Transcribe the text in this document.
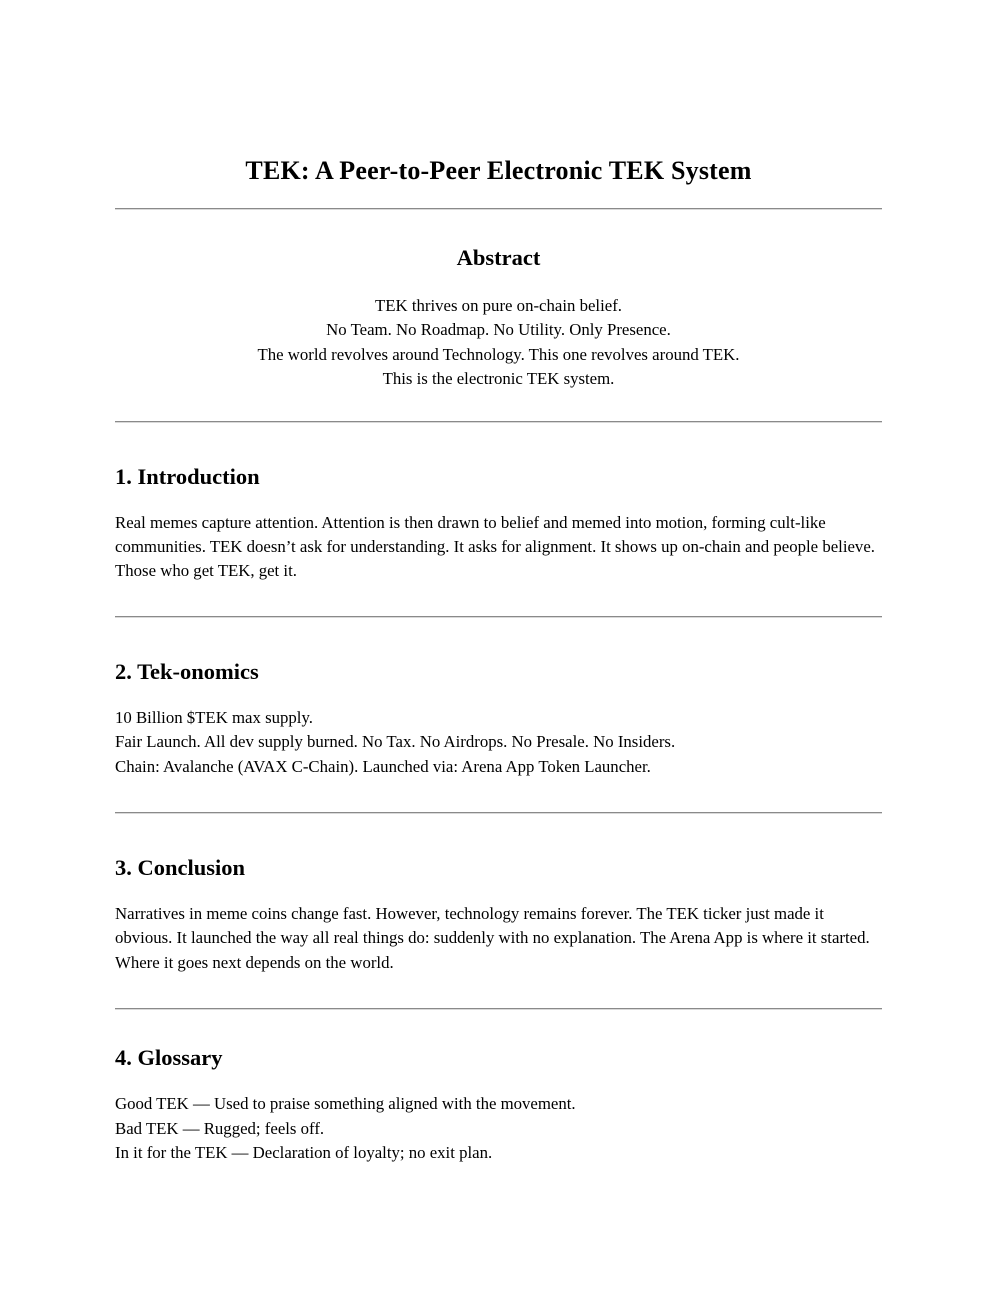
TEK: A Peer-to-Peer Electronic TEK System
Abstract
TEK thrives on pure on-chain belief.
No Team. No Roadmap. No Utility. Only Presence.
The world revolves around Technology. This one revolves around TEK.
This is the electronic TEK system.
1. Introduction

Real memes capture attention. Attention is then drawn to belief and memed into motion, forming cult-like communities. TEK doesn’t ask for understanding. It asks for alignment. It shows up on-chain and people believe. Those who get TEK, get it.

2. Tek-onomics
10 Billion $TEK max supply.
Fair Launch. All dev supply burned. No Tax. No Airdrops. No Presale. No Insiders.
Chain: Avalanche (AVAX C-Chain). Launched via: Arena App Token Launcher.
3. Conclusion

Narratives in meme coins change fast. However, technology remains forever. The TEK ticker just made it obvious. It launched the way all real things do: suddenly with no explanation. The Arena App is where it started. Where it goes next depends on the world.

4. Glossary
Good TEK — Used to praise something aligned with the movement.
Bad TEK — Rugged; feels off.
In it for the TEK — Declaration of loyalty; no exit plan.
